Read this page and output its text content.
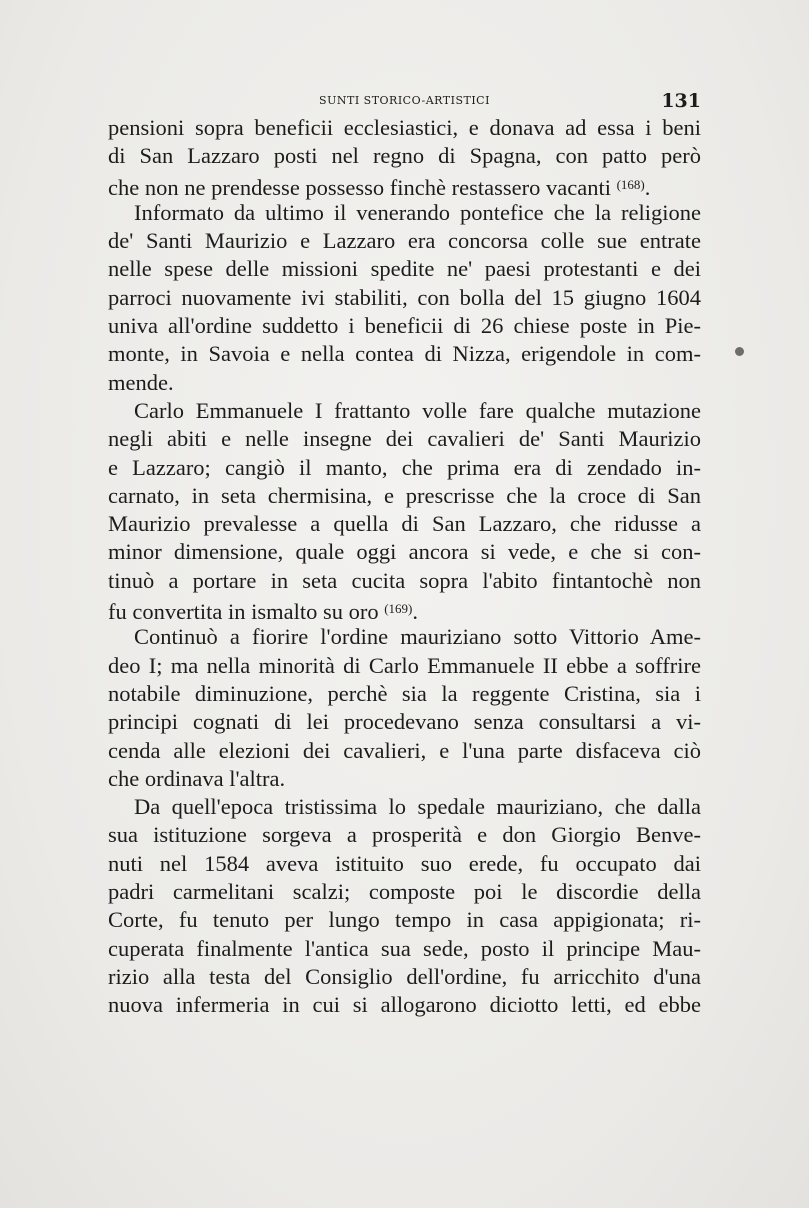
SUNTI STORICO-ARTISTICI	131
pensioni sopra beneficii ecclesiastici, e donava ad essa i beni
di San Lazzaro posti nel regno di Spagna, con patto però
che non ne prendesse possesso finchè restassero vacanti $^{(168)}$.
Informato da ultimo il venerando pontefice che la religione
de' Santi Maurizio e Lazzaro era concorsa colle sue entrate
nelle spese delle missioni spedite ne' paesi protestanti e dei
parroci nuovamente ivi stabiliti, con bolla del 15 giugno 1604
univa all'ordine suddetto i beneficii di 26 chiese poste in Pie-
monte, in Savoia e nella contea di Nizza, erigendole in com-
mende.
Carlo Emmanuele I frattanto volle fare qualche mutazione
negli abiti e nelle insegne dei cavalieri de' Santi Maurizio
e Lazzaro; cangiò il manto, che prima era di zendado in-
carnato, in seta chermisina, e prescrisse che la croce di San
Maurizio prevalesse a quella di San Lazzaro, che ridusse a
minor dimensione, quale oggi ancora si vede, e che si con-
tinuò a portare in seta cucita sopra l'abito fintantochè non
fu convertita in ismalto su oro $^{(169)}$.
Continuò a fiorire l'ordine mauriziano sotto Vittorio Ame-
deo I; ma nella minorità di Carlo Emmanuele II ebbe a soffrire
notabile diminuzione, perchè sia la reggente Cristina, sia i
principi cognati di lei procedevano senza consultarsi a vi-
cenda alle elezioni dei cavalieri, e l'una parte disfaceva ciò
che ordinava l'altra.
Da quell'epoca tristissima lo spedale mauriziano, che dalla
sua istituzione sorgeva a prosperità e don Giorgio Benve-
nuti nel 1584 aveva istituito suo erede, fu occupato dai
padri carmelitani scalzi; composte poi le discordie della
Corte, fu tenuto per lungo tempo in casa appigionata; ri-
cuperata finalmente l'antica sua sede, posto il principe Mau-
rizio alla testa del Consiglio dell'ordine, fu arricchito d'una
nuova infermeria in cui si allogarono diciotto letti, ed ebbe
